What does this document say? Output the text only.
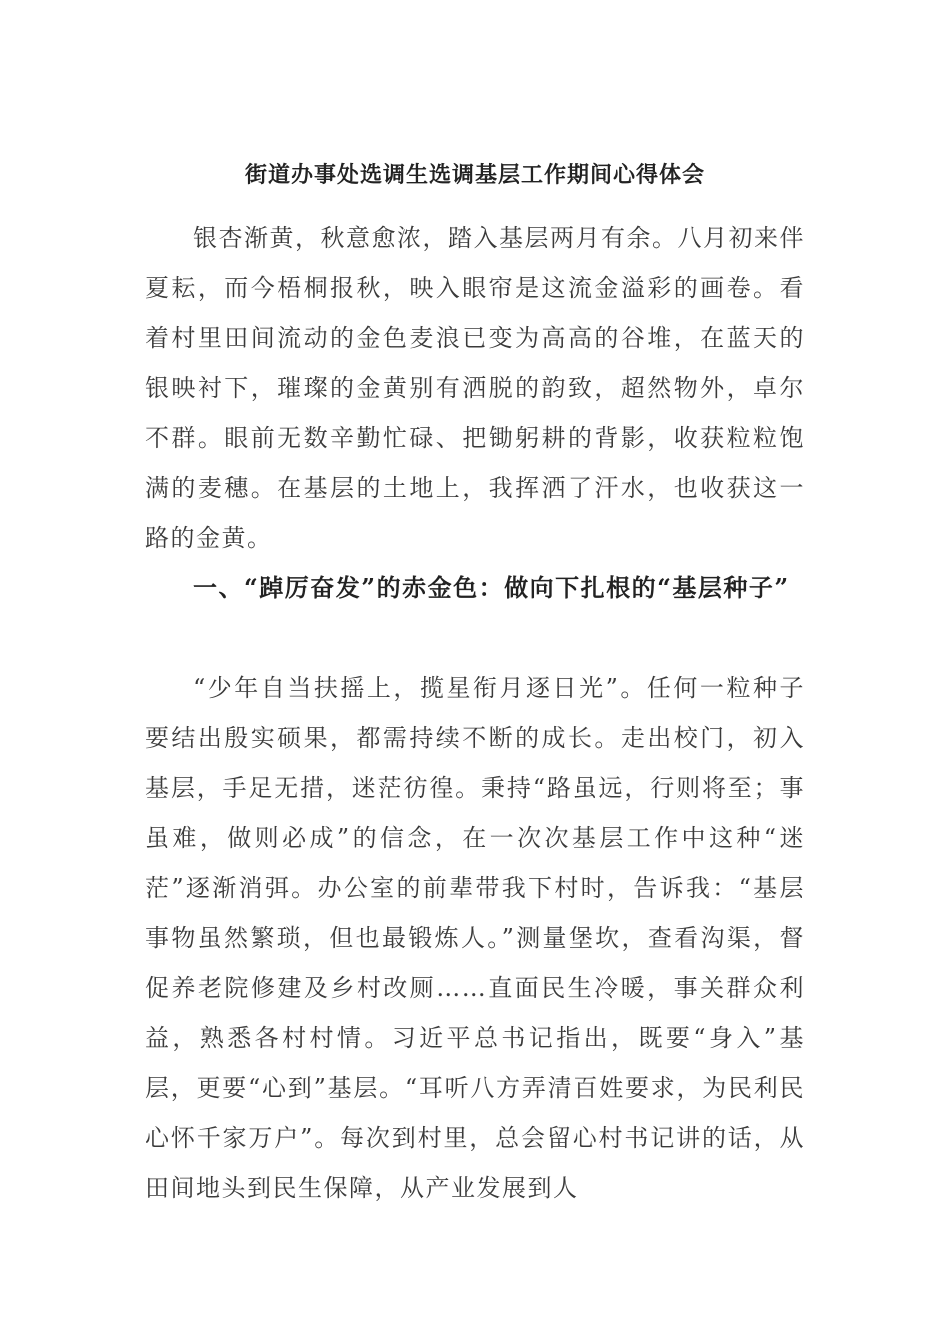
街道办事处选调生选调基层工作期间心得体会

银杏渐黄，秋意愈浓，踏入基层两月有余。八月初来伴夏耘，而今梧桐报秋，映入眼帘是这流金溢彩的画卷。看着村里田间流动的金色麦浪已变为高高的谷堆，在蓝天的银映衬下，璀璨的金黄别有洒脱的韵致，超然物外，卓尔不群。眼前无数辛勤忙碌、把锄躬耕的背影，收获粒粒饱满的麦穗。在基层的土地上，我挥洒了汗水，也收获这一路的金黄。

一、“踔厉奋发”的赤金色：做向下扎根的“基层种子”

“少年自当扶摇上，揽星衔月逐日光”。任何一粒种子要结出殷实硕果，都需持续不断的成长。走出校门，初入基层，手足无措，迷茫彷徨。秉持“路虽远，行则将至；事虽难，做则必成”的信念，在一次次基层工作中这种“迷茫”逐渐消弭。办公室的前辈带我下村时，告诉我：“基层事物虽然繁琐，但也最锻炼人。”测量堡坎，查看沟渠，督促养老院修建及乡村改厕……直面民生冷暖，事关群众利益，熟悉各村村情。习近平总书记指出，既要“身入”基层，更要“心到”基层。“耳听八方弄清百姓要求，为民利民心怀千家万户”。每次到村里，总会留心村书记讲的话，从田间地头到民生保障，从产业发展到人
